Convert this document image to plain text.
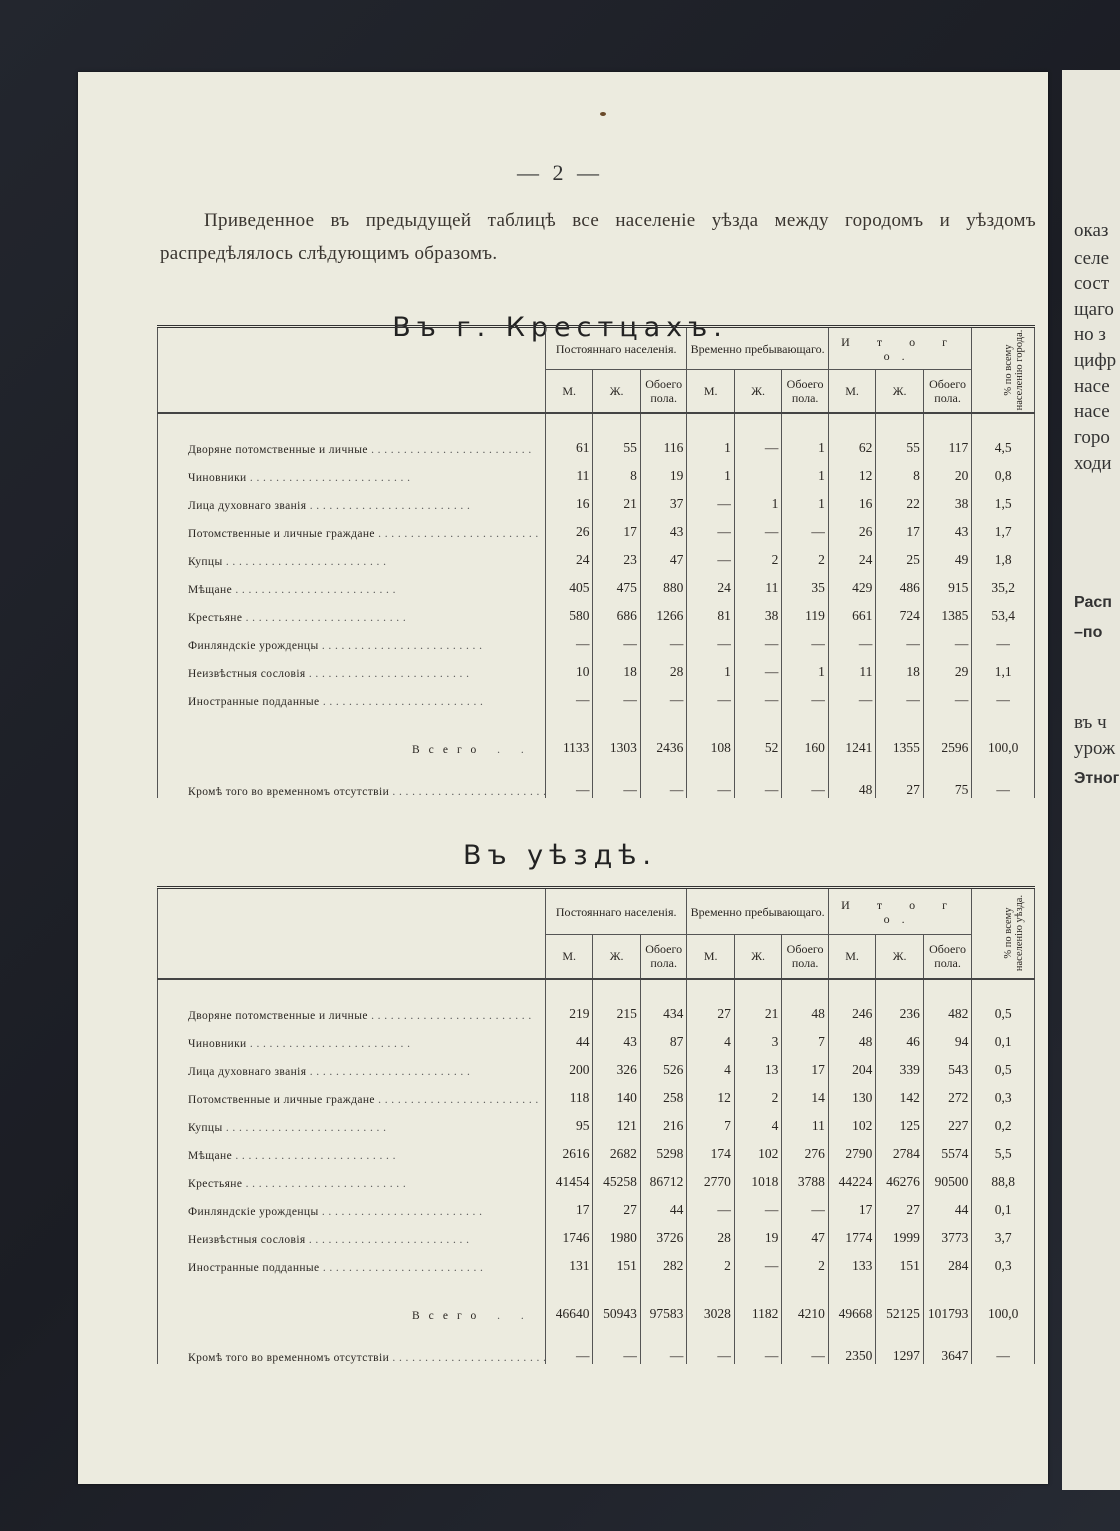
оказ
селе
сост
щаго
но з
цифр
насе
насе
горо
ходи
Расп
–по
въ ч
урож
Этног
— 2 —
Приведенное въ предыдущей таблицѣ все населеніе уѣзда между городомъ и уѣздомъ распредѣлялось слѣдующимъ образомъ.
Въ г. Крестцахъ.
	Постояннаго населенія.			Временно пребывающаго.			И т о г о.			% по всему населенію города.
	М.	Ж.	Обоего пола.	М.	Ж.	Обоего пола.	М.	Ж.	Обоего пола.	

Дворяне потомственные и личные . . .	61	55	116	1	—	1	62	55	117	4,5
Чиновники . . .	11	8	19	1		1	12	8	20	0,8
Лица духовнаго званія . . .	16	21	37	—	1	1	16	22	38	1,5
Потомственные и личные граждане . . .	26	17	43	—	—	—	26	17	43	1,7
Купцы . . .	24	23	47	—	2	2	24	25	49	1,8
Мѣщане . . .	405	475	880	24	11	35	429	486	915	35,2
Крестьяне . . .	580	686	1266	81	38	119	661	724	1385	53,4
Финляндскіе урожденцы . . .	—	—	—	—	—	—	—	—	—	—
Неизвѣстныя сословія . . .	10	18	28	1	—	1	11	18	29	1,1
Иностранные подданные . . .	—	—	—	—	—	—	—	—	—	—

Всего . . .	1133	1303	2436	108	52	160	1241	1355	2596	100,0

Кромѣ того во временномъ отсутствіи . . .	—	—	—	—	—	—	48	27	75	—
Въ уѣздѣ.
	Постояннаго населенія.			Временно пребывающаго.			И т о г о.			% по всему населенію уѣзда.
	М.	Ж.	Обоего пола.	М.	Ж.	Обоего пола.	М.	Ж.	Обоего пола.	

Дворяне потомственные и личные . . .	219	215	434	27	21	48	246	236	482	0,5
Чиновники . . .	44	43	87	4	3	7	48	46	94	0,1
Лица духовнаго званія . . .	200	326	526	4	13	17	204	339	543	0,5
Потомственные и личные граждане . . .	118	140	258	12	2	14	130	142	272	0,3
Купцы . . .	95	121	216	7	4	11	102	125	227	0,2
Мѣщане . . .	2616	2682	5298	174	102	276	2790	2784	5574	5,5
Крестьяне . . .	41454	45258	86712	2770	1018	3788	44224	46276	90500	88,8
Финляндскіе урожденцы . . .	17	27	44	—	—	—	17	27	44	0,1
Неизвѣстныя сословія . . .	1746	1980	3726	28	19	47	1774	1999	3773	3,7
Иностранные подданные . . .	131	151	282	2	—	2	133	151	284	0,3

Всего . . .	46640	50943	97583	3028	1182	4210	49668	52125	101793	100,0

Кромѣ того во временномъ отсутствіи . . .	—	—	—	—	—	—	2350	1297	3647	—
